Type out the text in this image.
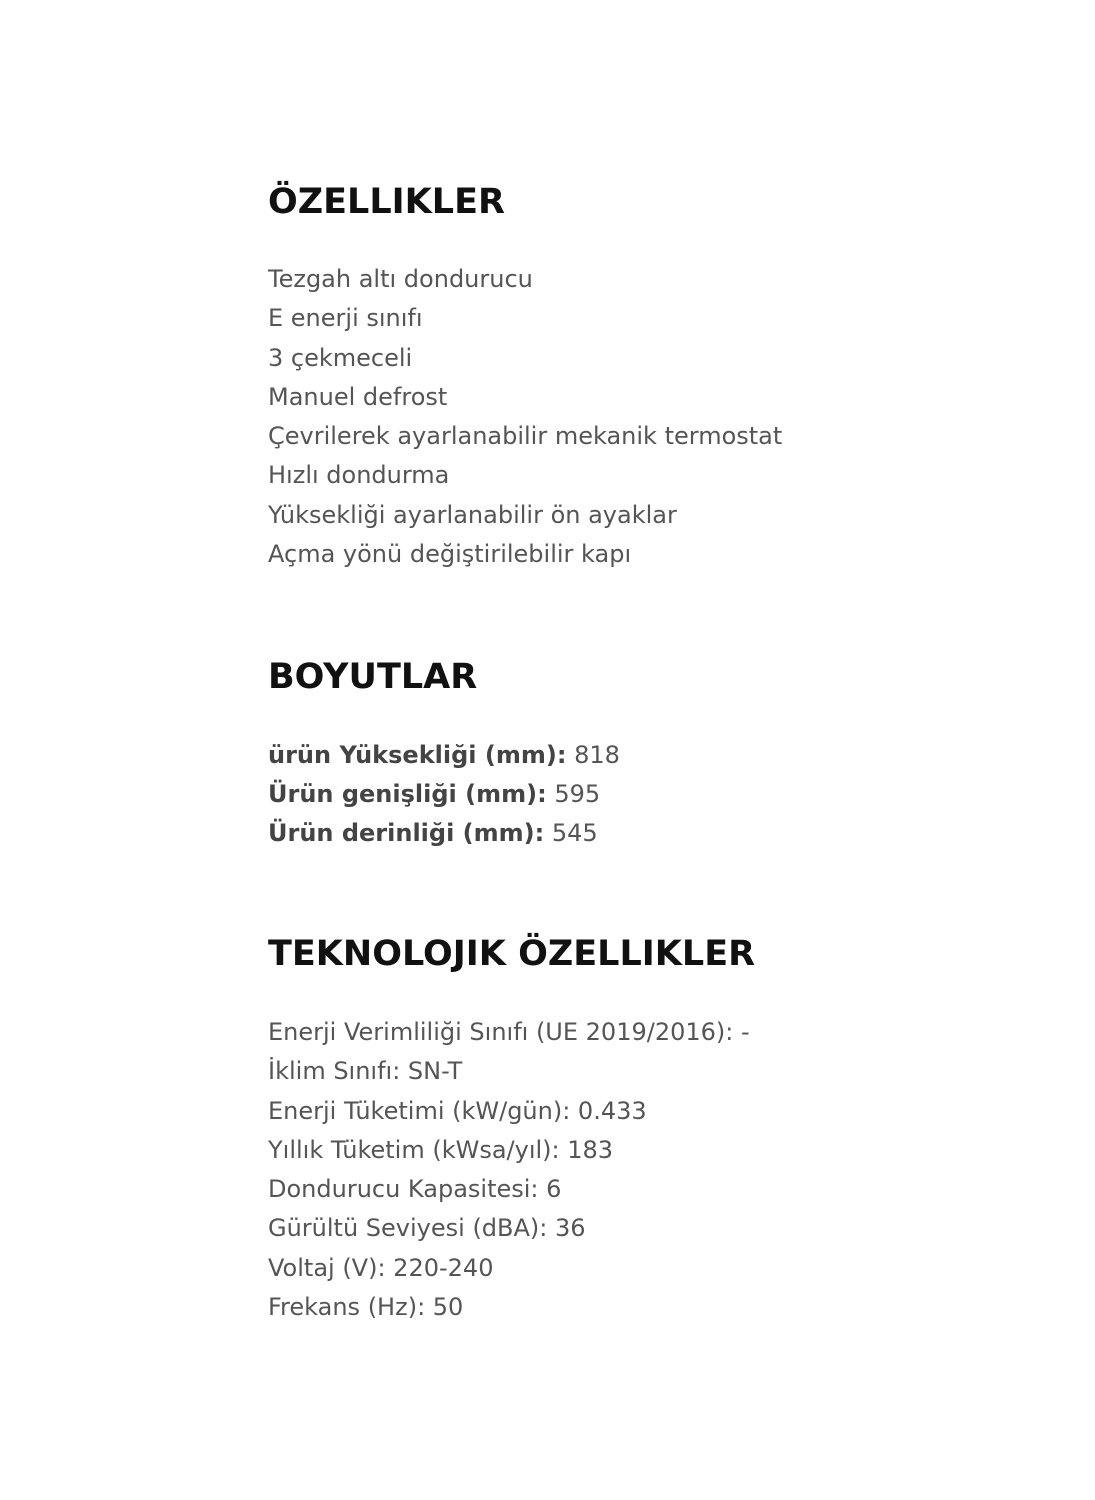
ÖZELLIKLER
Tezgah altı dondurucu
E enerji sınıfı
3 çekmeceli
Manuel defrost
Çevrilerek ayarlanabilir mekanik termostat
Hızlı dondurma
Yüksekliği ayarlanabilir ön ayaklar
Açma yönü değiştirilebilir kapı
BOYUTLAR
ürün Yüksekliği (mm): 818
Ürün genişliği (mm): 595
Ürün derinliği (mm): 545
TEKNOLOJIK ÖZELLIKLER
Enerji Verimliliği Sınıfı (UE 2019/2016): -
İklim Sınıfı: SN-T
Enerji Tüketimi (kW/gün): 0.433
Yıllık Tüketim (kWsa/yıl): 183
Dondurucu Kapasitesi: 6
Gürültü Seviyesi (dBA): 36
Voltaj (V): 220-240
Frekans (Hz): 50
